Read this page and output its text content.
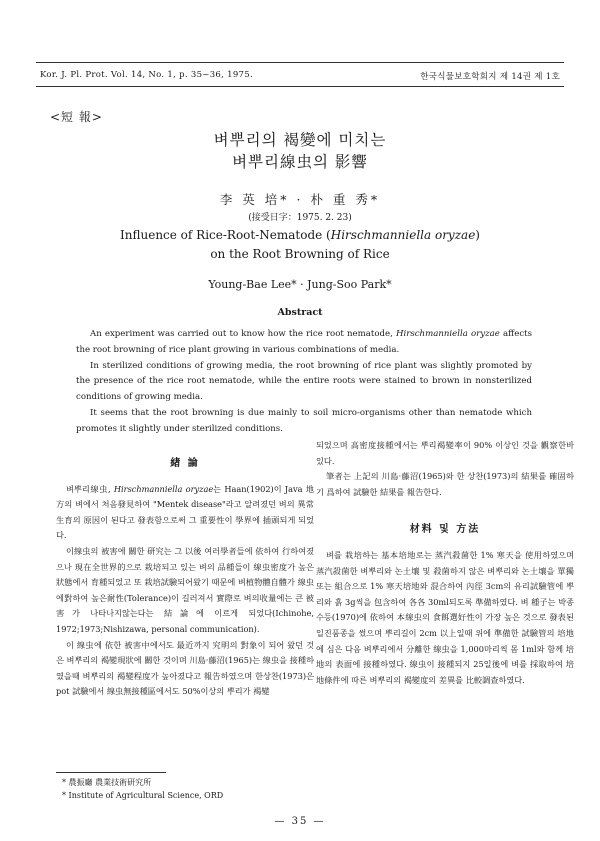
Kor. J. Pl. Prot. Vol. 14, No. 1, p. 35~36, 1975.	한국식물보호학회지 제 14권 제 1호
<短 報>
벼뿌리의 褐變에 미치는
벼뿌리線虫의 影響
李 英 培* · 朴 重 秀*
(接受日字：1975. 2. 23)
Influence of Rice-Root-Nematode (Hirschmanniella oryzae)
on the Root Browning of Rice
Young-Bae Lee* · Jung-Soo Park*
Abstract

An experiment was carried out to know how the rice root nematode, Hirschmanniella oryzae affects the root browning of rice plant growing in various combinations of media.

In sterilized conditions of growing media, the root browning of rice plant was slightly promoted by the presence of the rice root nematode, while the entire roots were stained to brown in nonsterilized conditions of growing media.

It seems that the root browning is due mainly to soil micro-organisms other than nematode which promotes it slightly under sterilized conditions.

緖 論

벼뿌리線虫, Hirschmanniella oryzae는 Haan(1902)이 Java 地方의 벼에서 처음發見하여 "Mentek disease"라고 알려졌던 벼의 異常生育의 原因이 된다고 發表함으로써 그 重要性이 學界에 插頭되게 되었다.

이線虫의 被害에 關한 研究는 그 以後 여러學者들에 依하여 行하여졌으나 現在全世界的으로 栽培되고 있는 벼의 品種들이 線虫密度가 높은 狀態에서 育種되었고 또 栽培試驗되어왔기 때문에 벼植物體自體가 線虫에對하여 높은耐性(Tolerance)이 길러져서 實際로 벼의收量에는 큰 被害가 나타나지않는다는 結論에 이르게 되었다(Ichinohe, 1972;1973;Nishizawa, personal communication).

이 線虫에 依한 被害中에서도 最近까지 究明의 對象이 되어 왔던 것은 벼뿌리의 褐變現狀에 關한 것이며 川島·藤沼(1965)는 線虫을 接種하였을때 벼뿌리의 褐變程度가 높아졌다고 報告하였으며 한상찬(1973)은 pot 試驗에서 線虫無接種區에서도 50%이상의 뿌리가 褐變

되었으며 高密度接種에서는 뿌리褐變率이 90% 이상인 것을 觀察한바 있다.

筆者는 上記의 川島·藤沼(1965)와 한 상찬(1973)의 結果를 確固하기 爲하여 試驗한 結果를 報告한다.

材料 및 方法

벼를 栽培하는 基本培地로는 蒸汽殺菌한 1% 寒天을 使用하였으며 蒸汽殺菌한 벼뿌리와 논土壤 및 殺菌하지 않은 벼뿌리와 논土壤을 單獨 또는 組合으로 1% 寒天培地와 混合하여 內徑 3cm의 유리試驗管에 뿌리와 흙 3g씩을 包含하여 各各 30ml되도록 準備하였다. 벼 種子는 박종수등(1970)에 依하여 本線虫의 食餌選好性이 가장 높은 것으로 發表된 일진품종을 썼으며 뿌리길이 2cm 以上일때 위에 準備한 試驗管의 培地에 심은 다음 벼뿌리에서 分離한 線虫을 1,000마리씩 몸 1ml와 함께 培地의 表面에 接種하였다. 線虫이 接種되지 25일後에 벼를 採取하여 培地條件에 따른 벼뿌리의 褐變度의 差異를 比較調查하였다.

* 農振廳 農業技術研究所
* Institute of Agricultural Science, ORD
— 35 —
